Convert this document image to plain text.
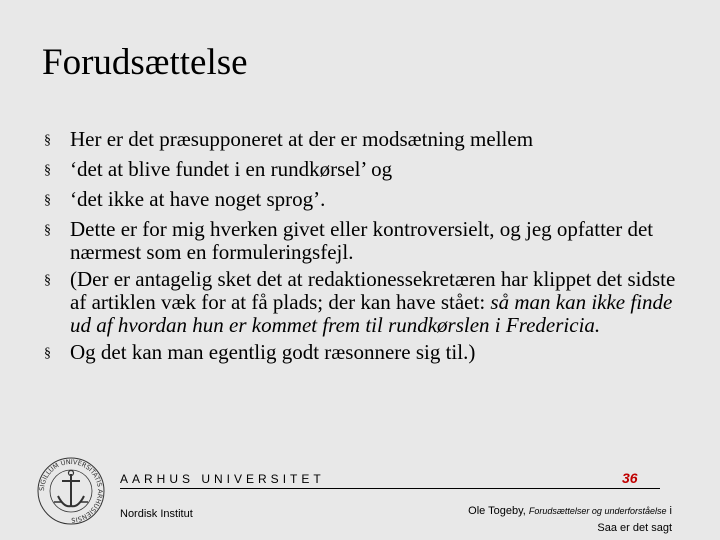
Forudsættelse
§ Her er det præsupponeret at der er modsætning mellem
§ ‘det at blive fundet i en rundkørsel’ og
§ ‘det ikke at have noget sprog’.
§ Dette er for mig hverken givet eller kontroversielt, og jeg opfatter det nærmest som en formuleringsfejl.
§ (Der er antagelig sket det at redaktionessekretæren har klippet det sidste af artiklen væk for at få plads; der kan have stået: så man kan ikke finde ud af hvordan hun er kommet frem til rundkørslen i Fredericia.
§ Og det kan man egentlig godt ræsonnere sig til.)
SIGILLUM UNIVERSITATIS ARHUSIENSIS
AARHUS UNIVERSITET	36
Nordisk Institut	Ole Togeby, Forudsættelser og underforståelse i
Saa er det sagt
